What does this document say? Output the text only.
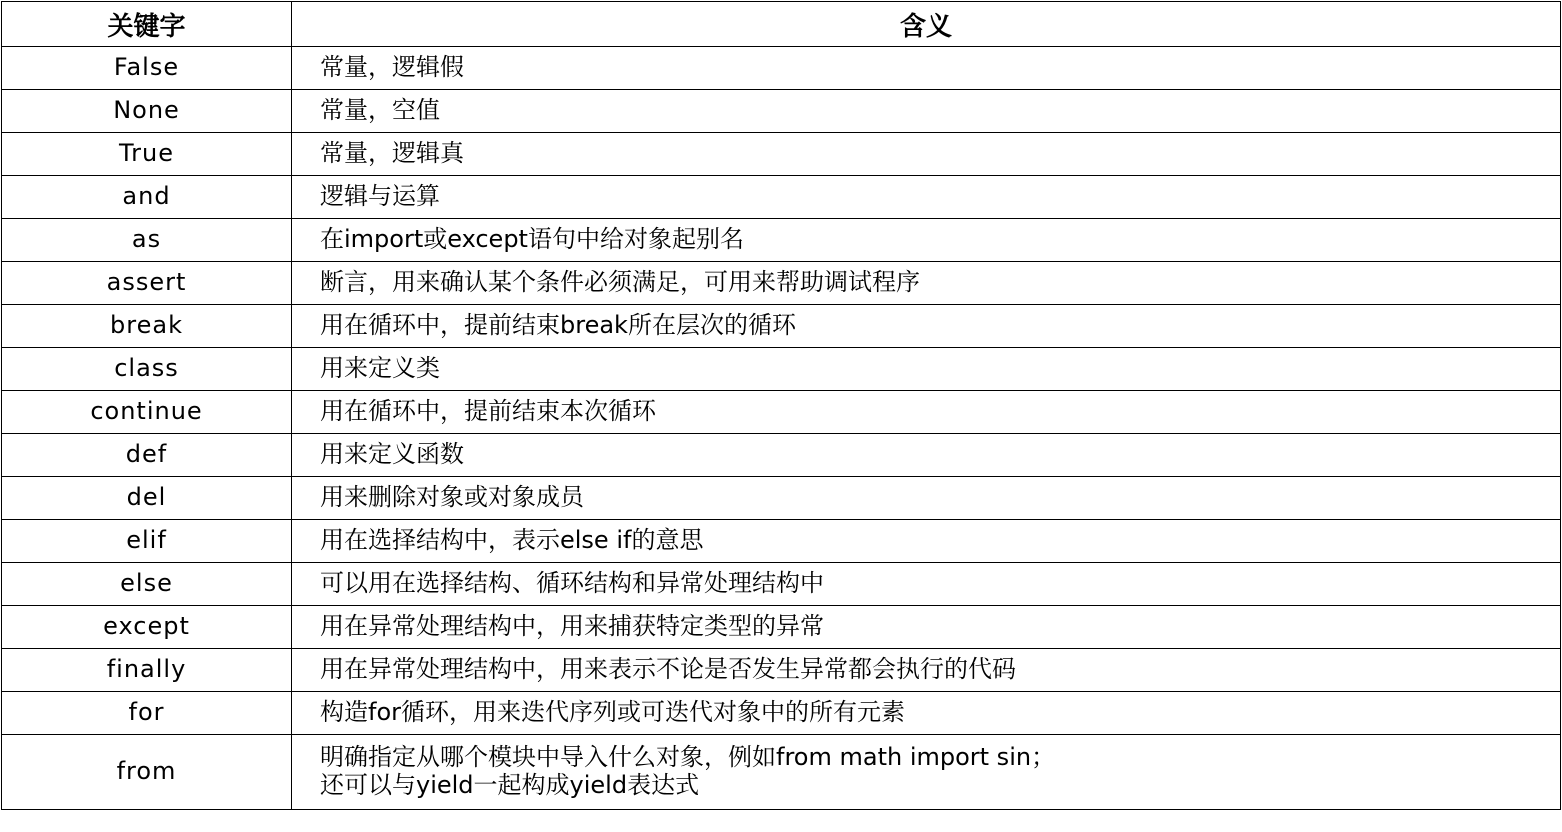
关键字	含义
False	常量，逻辑假

None	常量，空值

True	常量，逻辑真

and	逻辑与运算

as	在import或except语句中给对象起别名

assert	断言，用来确认某个条件必须满足，可用来帮助调试程序

break	用在循环中，提前结束break所在层次的循环

class	用来定义类

continue	用在循环中，提前结束本次循环

def	用来定义函数

del	用来删除对象或对象成员

elif	用在选择结构中，表示else if的意思

else	可以用在选择结构、循环结构和异常处理结构中

except	用在异常处理结构中，用来捕获特定类型的异常

finally	用在异常处理结构中，用来表示不论是否发生异常都会执行的代码

for	构造for循环，用来迭代序列或可迭代对象中的所有元素

from	明确指定从哪个模块中导入什么对象，例如from math import sin；
还可以与yield一起构成yield表达式
